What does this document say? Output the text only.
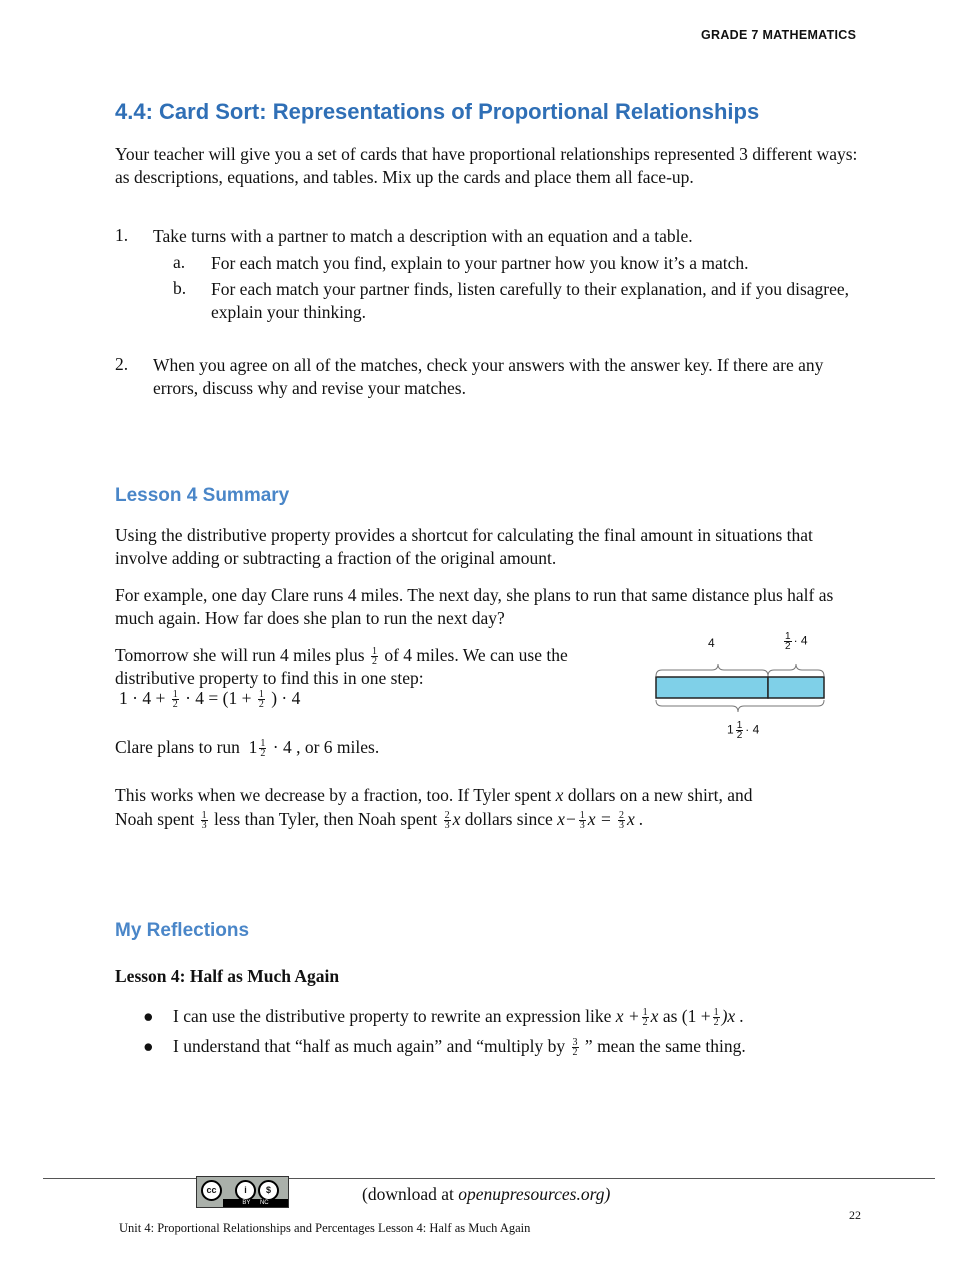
GRADE 7 MATHEMATICS
4.4: Card Sort: Representations of Proportional Relationships
Your teacher will give you a set of cards that have proportional relationships represented 3 different ways: as descriptions, equations, and tables. Mix up the cards and place them all face-up.
1. Take turns with a partner to match a description with an equation and a table.
a. For each match you find, explain to your partner how you know it’s a match.
b. For each match your partner finds, listen carefully to their explanation, and if you disagree, explain your thinking.
2. When you agree on all of the matches, check your answers with the answer key. If there are any errors, discuss why and revise your matches.
Lesson 4 Summary
Using the distributive property provides a shortcut for calculating the final amount in situations that involve adding or subtracting a fraction of the original amount.
For example, one day Clare runs 4 miles. The next day, she plans to run that same distance plus half as much again. How far does she plan to run the next day?
Tomorrow she will run 4 miles plus $\frac{1}{2}$ of 4 miles. We can use the distributive property to find this in one step:
$1 \cdot 4 + \frac{1}{2} \cdot 4 = (1 + \frac{1}{2}$ ) · 4
4	$\frac{1}{2} \cdot 4$
$1 \frac{1}{2} \cdot 4$
Clare plans to run $1 \frac{1}{2} \cdot 4$ , or 6 miles.
This works when we decrease by a fraction, too. If Tyler spent x dollars on a new shirt, and
Noah spent $\frac{1}{3}$ less than Tyler, then Noah spent $\frac{2}{3}$ x dollars since $x- \frac{1}{3}$ $x = \frac{2}{3}$ x .
My Reflections
Lesson 4: Half as Much Again
● I can use the distributive property to rewrite an expression like $x + \frac{1}{2}$ x as $(1 + \frac{1}{2} )x$ .
● I understand that “half as much again” and “multiply by $\frac{3}{2}$ ” mean the same thing.
cc	i	$
BY NC	(download at openupresources.org)
22
Unit 4: Proportional Relationships and Percentages Lesson 4: Half as Much Again
